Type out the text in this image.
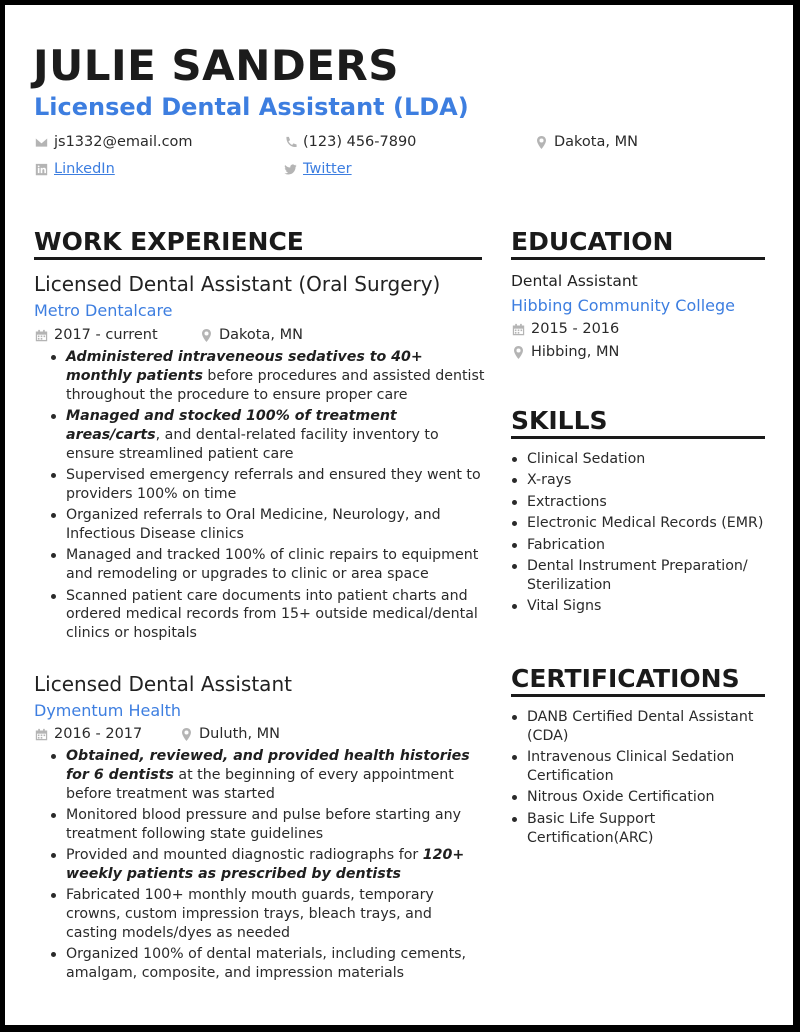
JULIE SANDERS
Licensed Dental Assistant (LDA)
js1332@email.com	(123) 456-7890	Dakota, MN
LinkedIn	Twitter
WORK EXPERIENCE
Licensed Dental Assistant (Oral Surgery)
Metro Dentalcare
2017 - current	Dakota, MN
Administered intraveneous sedatives to 40+ monthly patients before procedures and assisted dentist throughout the procedure to ensure proper care
Managed and stocked 100% of treatment areas/carts, and dental-related facility inventory to ensure streamlined patient care
Supervised emergency referrals and ensured they went to providers 100% on time
Organized referrals to Oral Medicine, Neurology, and Infectious Disease clinics
Managed and tracked 100% of clinic repairs to equipment and remodeling or upgrades to clinic or area space
Scanned patient care documents into patient charts and ordered medical records from 15+ outside medical/dental clinics or hospitals
Licensed Dental Assistant
Dymentum Health
2016 - 2017	Duluth, MN
Obtained, reviewed, and provided health histories for 6 dentists at the beginning of every appointment before treatment was started
Monitored blood pressure and pulse before starting any treatment following state guidelines
Provided and mounted diagnostic radiographs for 120+ weekly patients as prescribed by dentists
Fabricated 100+ monthly mouth guards, temporary crowns, custom impression trays, bleach trays, and casting models/dyes as needed
Organized 100% of dental materials, including cements, amalgam, composite, and impression materials
EDUCATION
Dental Assistant
Hibbing Community College
2015 - 2016
Hibbing, MN
SKILLS
Clinical Sedation
X-rays
Extractions
Electronic Medical Records (EMR)
Fabrication
Dental Instrument Preparation/ Sterilization
Vital Signs
CERTIFICATIONS
DANB Certified Dental Assistant (CDA)
Intravenous Clinical Sedation Certification
Nitrous Oxide Certification
Basic Life Support Certification(ARC)
